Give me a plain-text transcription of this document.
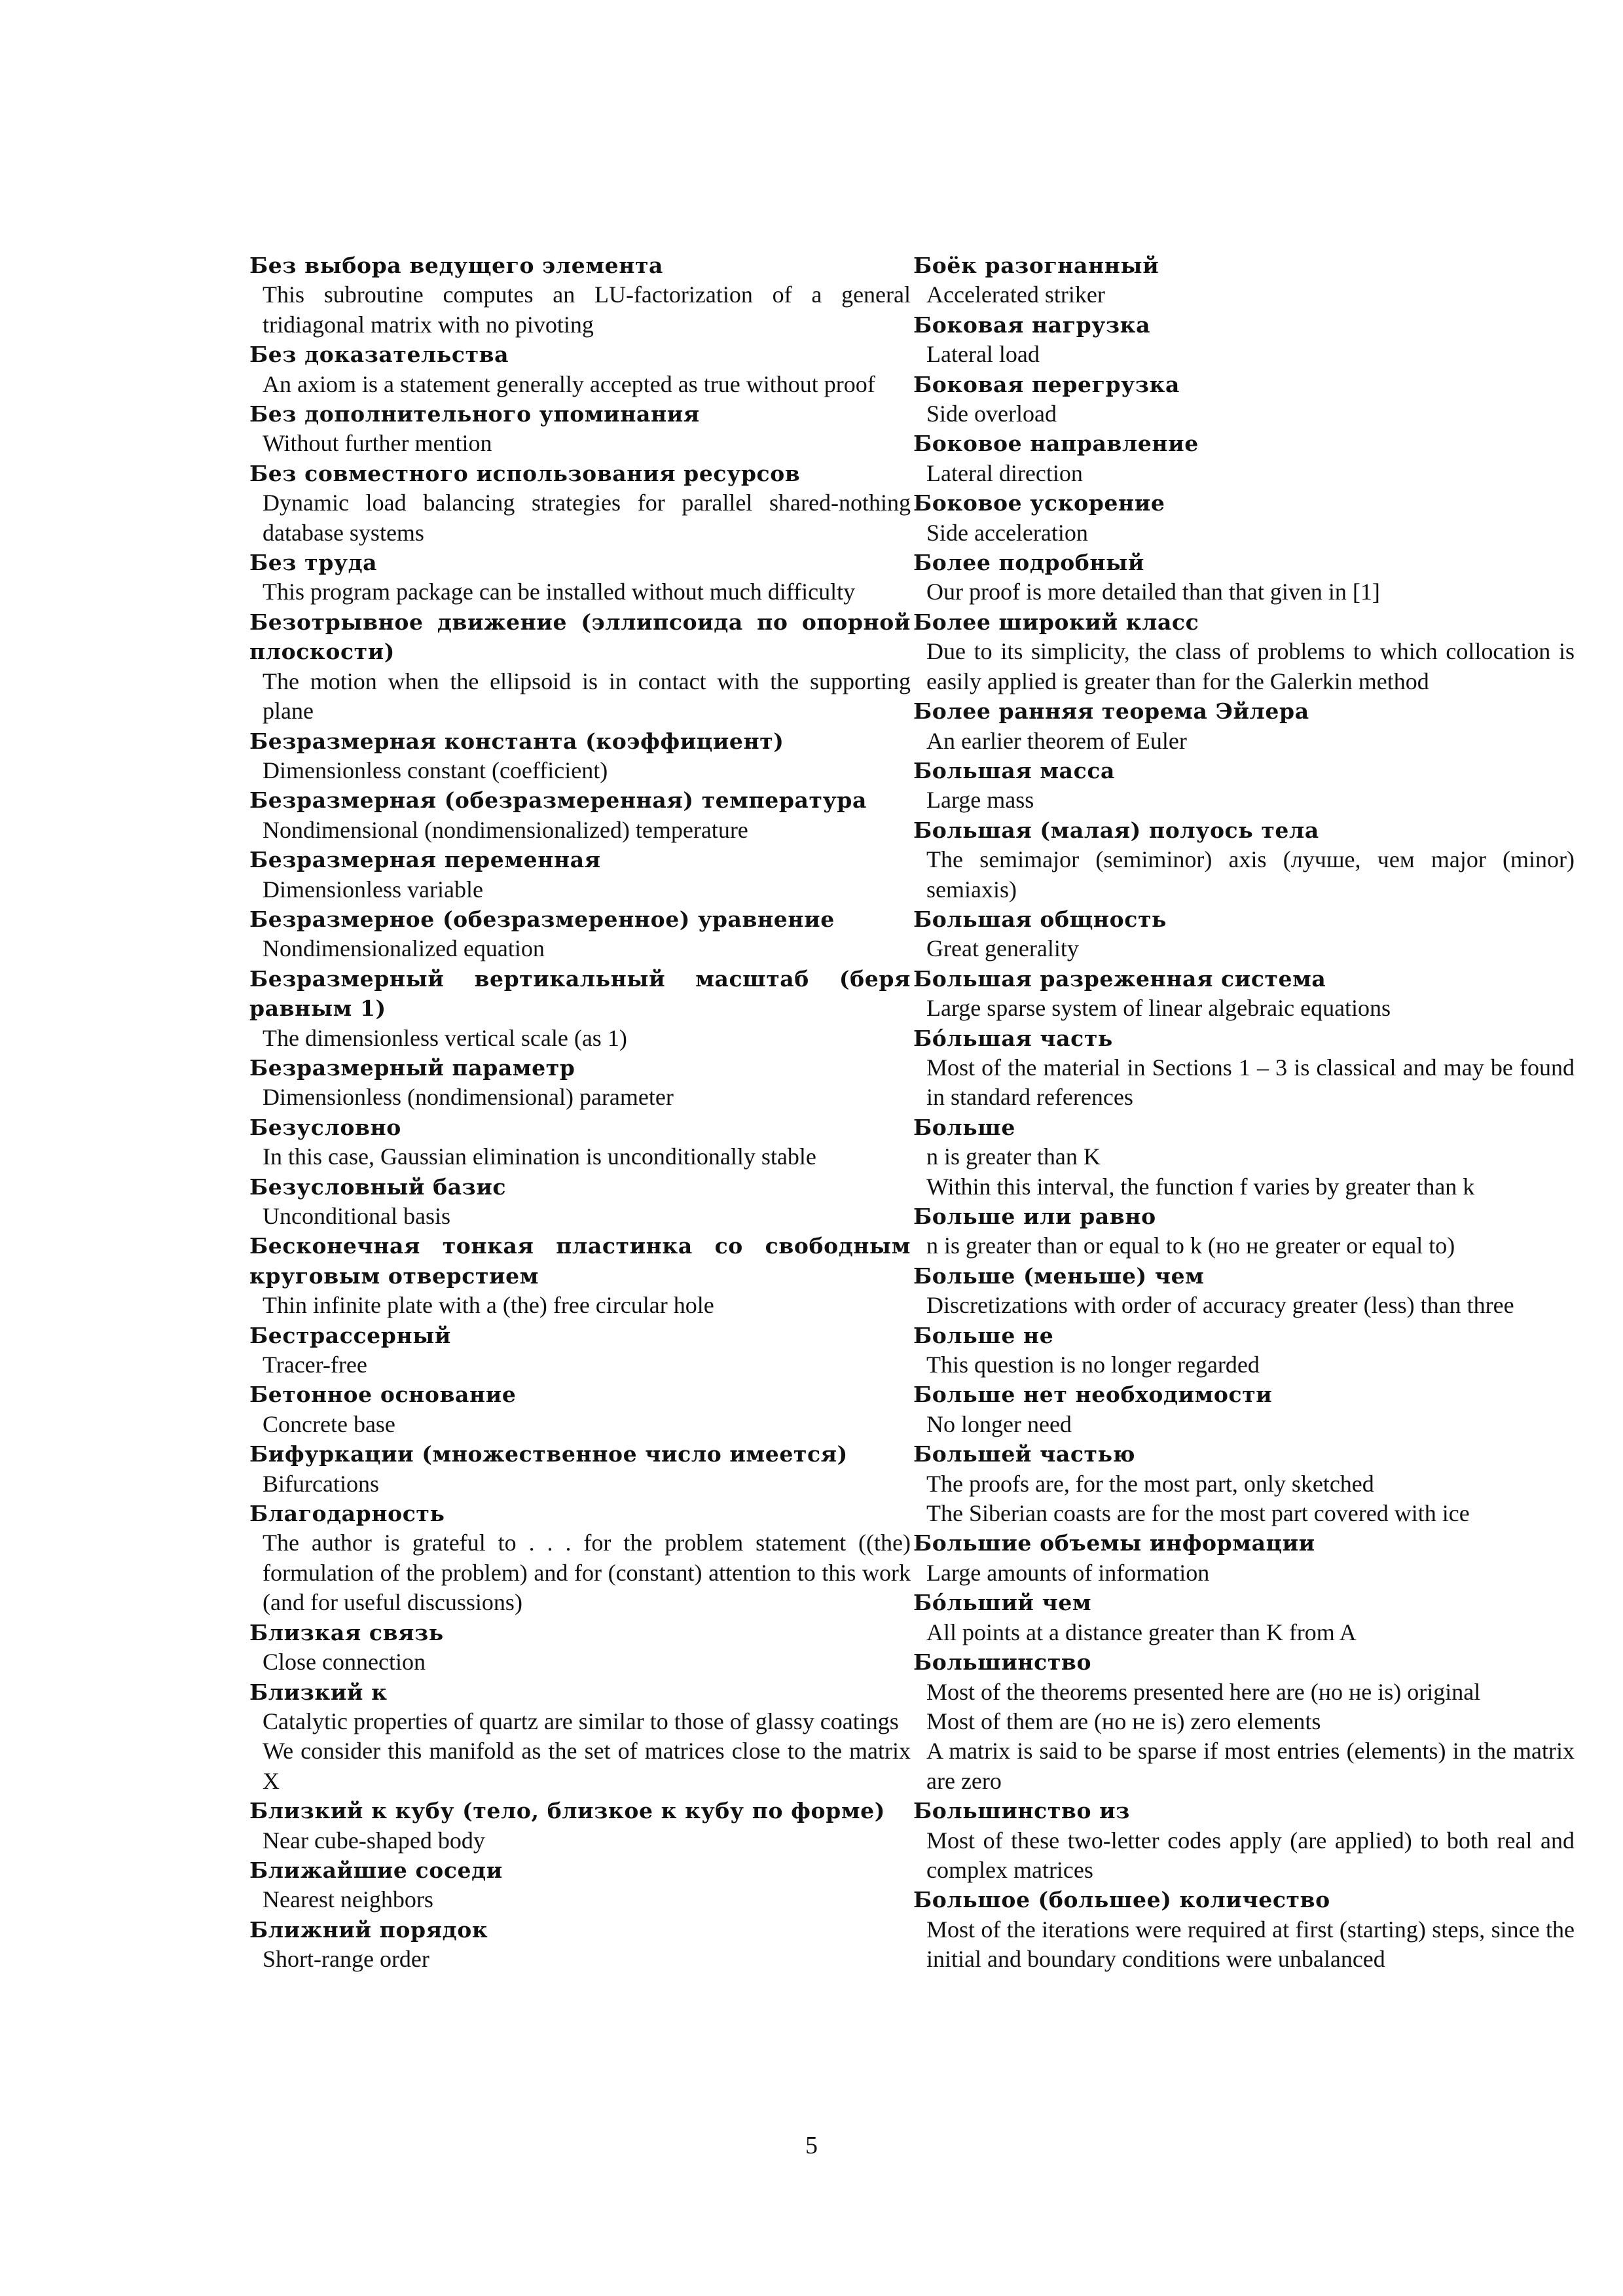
Без выбора ведущего элемента
This subroutine computes an LU-factorization of a general tridiagonal matrix with no pivoting
Без доказательства
An axiom is a statement generally accepted as true without proof
Без дополнительного упоминания
Without further mention
Без совместного использования ресурсов
Dynamic load balancing strategies for parallel shared-nothing database systems
Без труда
This program package can be installed without much difficulty
Безотрывное движение (эллипсоида по опорной плоскости)
The motion when the ellipsoid is in contact with the supporting plane
Безразмерная константа (коэффициент)
Dimensionless constant (coefficient)
Безразмерная (обезразмеренная) температура
Nondimensional (nondimensionalized) temperature
Безразмерная переменная
Dimensionless variable
Безразмерное (обезразмеренное) уравнение
Nondimensionalized equation
Безразмерный вертикальный масштаб (беря равным 1)
The dimensionless vertical scale (as 1)
Безразмерный параметр
Dimensionless (nondimensional) parameter
Безусловно
In this case, Gaussian elimination is unconditionally stable
Безусловный базис
Unconditional basis
Бесконечная тонкая пластинка со свободным круговым отверстием
Thin infinite plate with a (the) free circular hole
Бестрассерный
Tracer-free
Бетонное основание
Concrete base
Бифуркации (множественное число имеется)
Bifurcations
Благодарность
The author is grateful to . . . for the problem statement ((the) formulation of the problem) and for (constant) attention to this work (and for useful discussions)
Близкая связь
Close connection
Близкий к
Catalytic properties of quartz are similar to those of glassy coatings
We consider this manifold as the set of matrices close to the matrix X
Близкий к кубу (тело, близкое к кубу по форме)
Near cube-shaped body
Ближайшие соседи
Nearest neighbors
Ближний порядок
Short-range order
Боёк разогнанный
Accelerated striker
Боковая нагрузка
Lateral load
Боковая перегрузка
Side overload
Боковое направление
Lateral direction
Боковое ускорение
Side acceleration
Более подробный
Our proof is more detailed than that given in [1]
Более широкий класс
Due to its simplicity, the class of problems to which collocation is easily applied is greater than for the Galerkin method
Более ранняя теорема Эйлера
An earlier theorem of Euler
Большая масса
Large mass
Большая (малая) полуось тела
The semimajor (semiminor) axis (лучше, чем major (minor) semiaxis)
Большая общность
Great generality
Большая разреженная система
Large sparse system of linear algebraic equations
Бóльшая часть
Most of the material in Sections 1 – 3 is classical and may be found in standard references
Больше
n is greater than K
Within this interval, the function f varies by greater than k
Больше или равно
n is greater than or equal to k (но не greater or equal to)
Больше (меньше) чем
Discretizations with order of accuracy greater (less) than three
Больше не
This question is no longer regarded
Больше нет необходимости
No longer need
Большей частью
The proofs are, for the most part, only sketched
The Siberian coasts are for the most part covered with ice
Большие объемы информации
Large amounts of information
Бóльший чем
All points at a distance greater than K from A
Большинство
Most of the theorems presented here are (но не is) original
Most of them are (но не is) zero elements
A matrix is said to be sparse if most entries (elements) in the matrix are zero
Большинство из
Most of these two-letter codes apply (are applied) to both real and complex matrices
Большое (большее) количество
Most of the iterations were required at first (starting) steps, since the initial and boundary conditions were unbalanced
5
